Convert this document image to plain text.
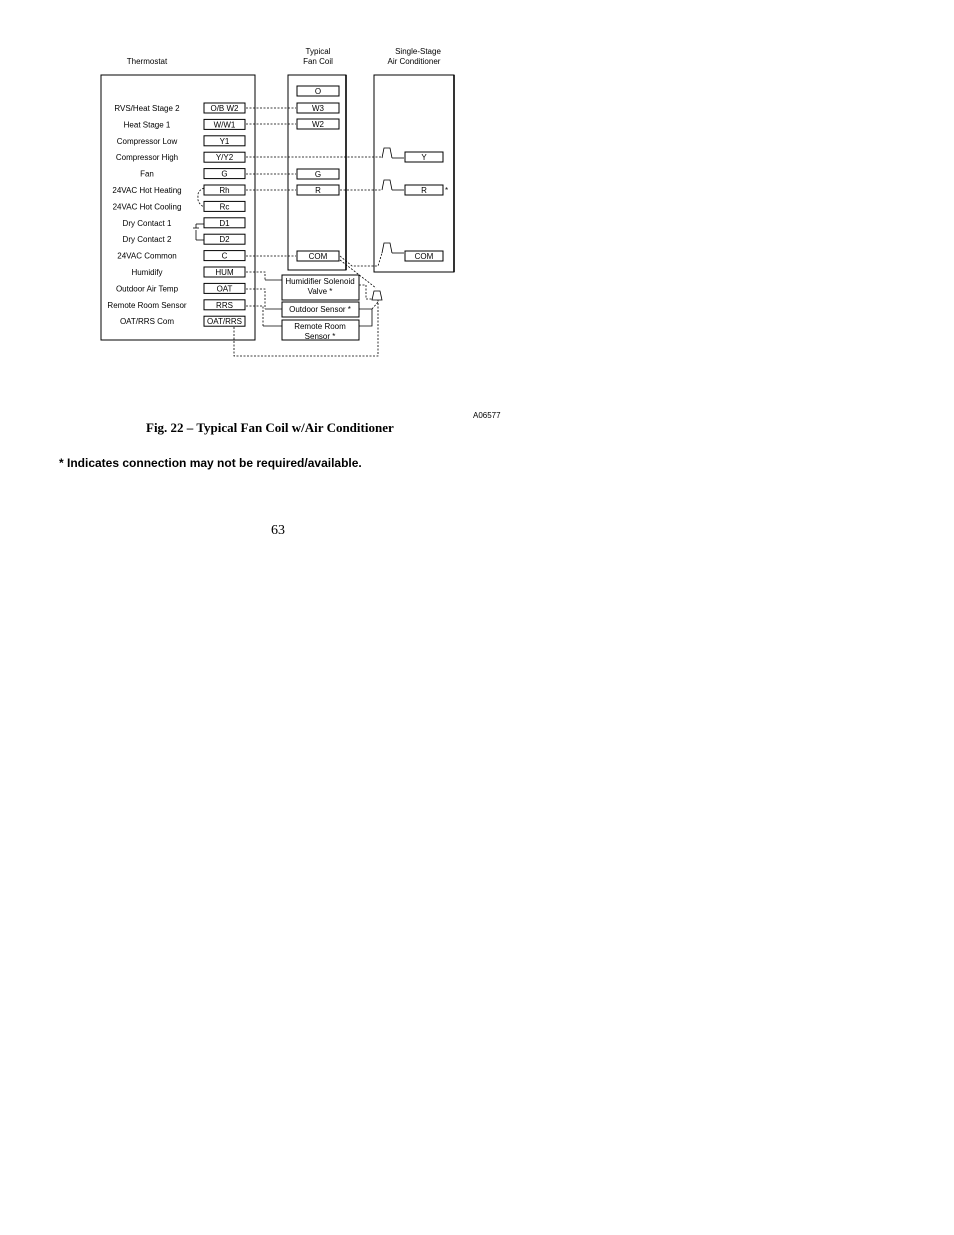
Thermostat
Typical
Fan Coil
Single-Stage
Air Conditioner
RVS/Heat Stage 2	O/B W2
Heat Stage 1	W/W1
Compressor Low	Y1
Compressor High	Y/Y2
Fan	G
24VAC Hot Heating	Rh
24VAC Hot Cooling	Rc
Dry Contact 1	D1
Dry Contact 2	D2
24VAC Common	C
Humidify	HUM
Outdoor Air Temp	OAT
Remote Room Sensor	RRS
OAT/RRS Com	OAT/RRS
O
W3
W2
G
R
COM
Y
R
COM
*
Humidifier Solenoid
Valve *
Outdoor Sensor *
Remote Room
Sensor *
A06577
Fig. 22 – Typical Fan Coil w/Air Conditioner
* Indicates connection may not be required/available.
63
